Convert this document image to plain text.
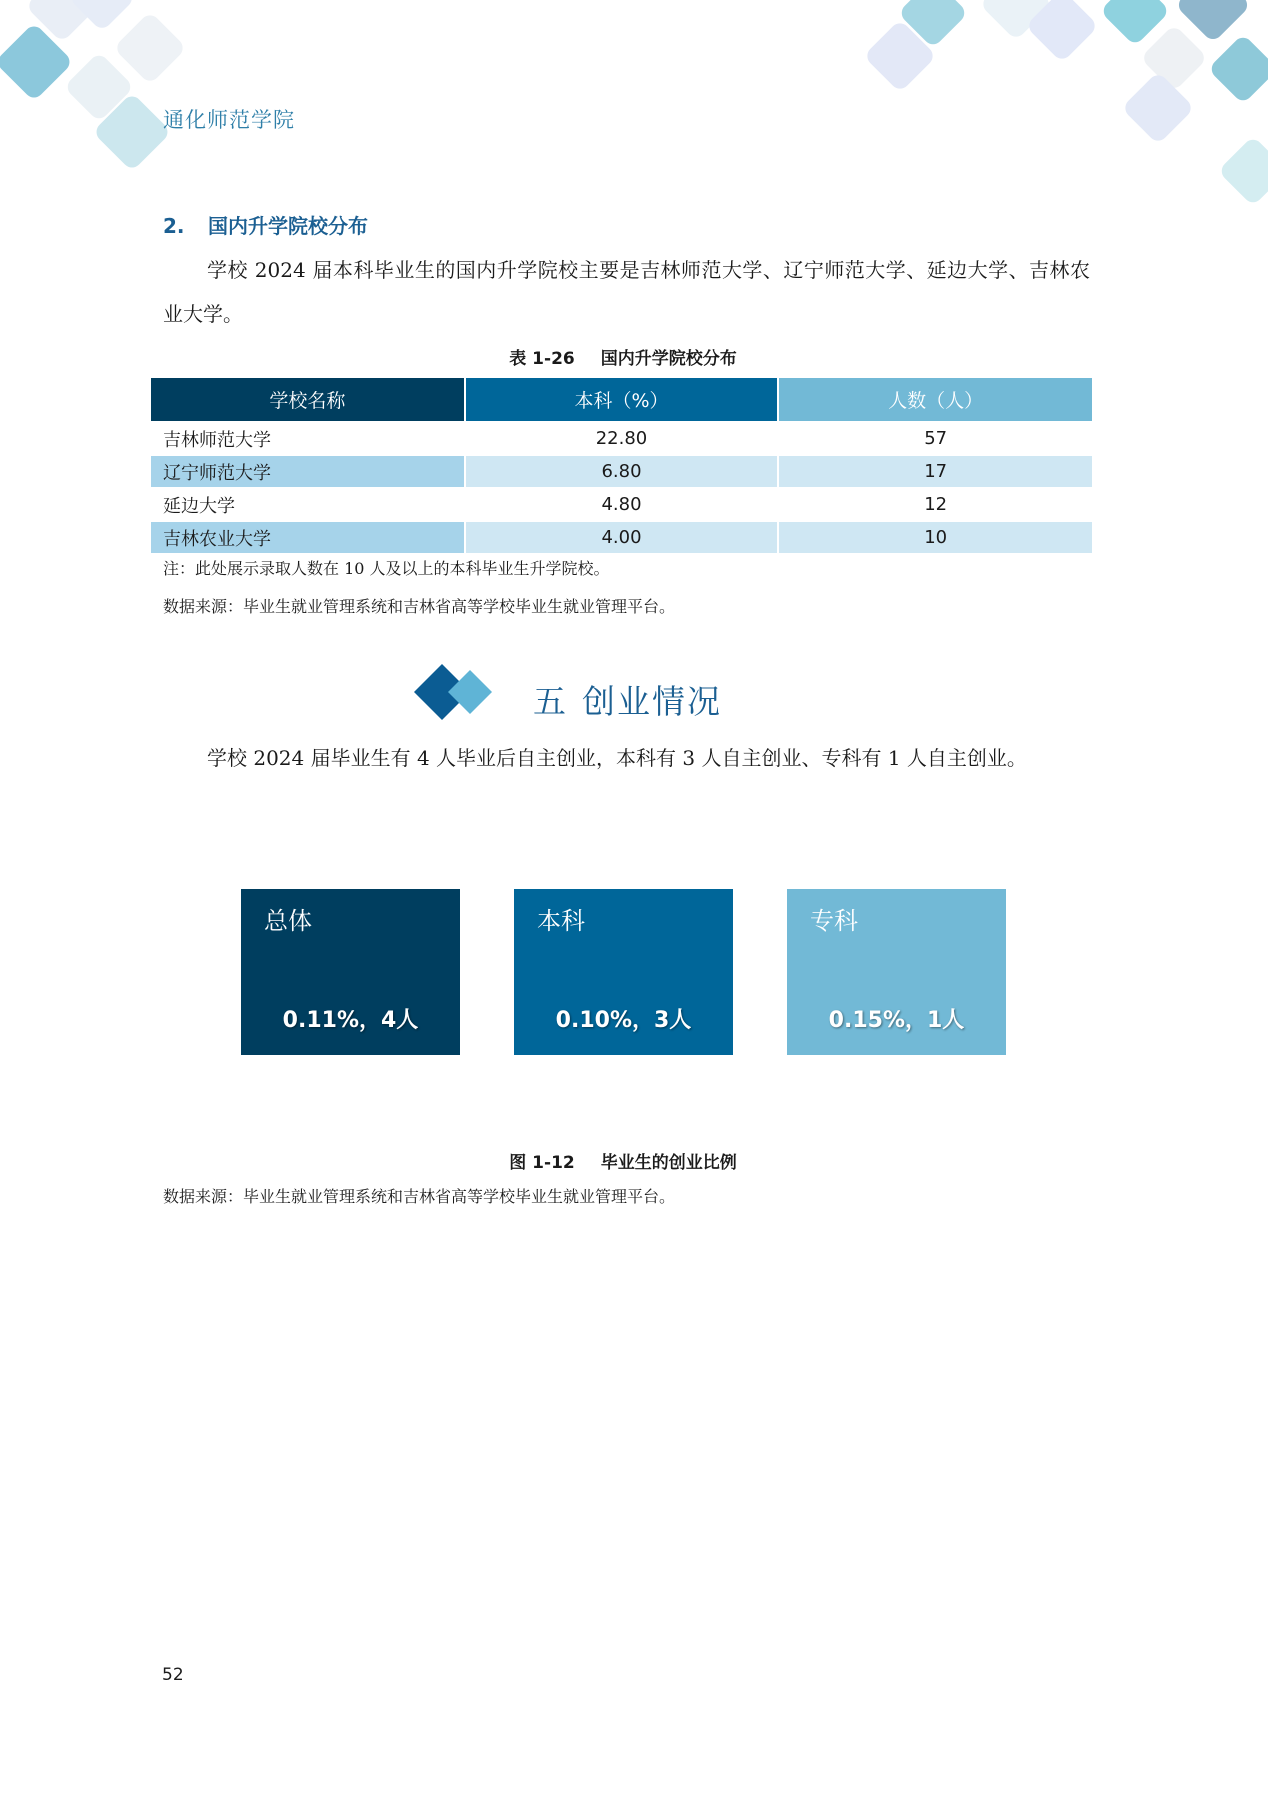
通化师范学院
2. 国内升学院校分布
学校 2024 届本科毕业生的国内升学院校主要是吉林师范大学、辽宁师范大学、延边大学、吉林农业大学。
表 1-26 国内升学院校分布
学校名称	本科（%）	人数（人）
吉林师范大学	22.80	57
辽宁师范大学	6.80	17
延边大学	4.80	12
吉林农业大学	4.00	10
注：此处展示录取人数在 10 人及以上的本科毕业生升学院校。
数据来源：毕业生就业管理系统和吉林省高等学校毕业生就业管理平台。
五 创业情况
学校 2024 届毕业生有 4 人毕业后自主创业，本科有 3 人自主创业、专科有 1 人自主创业。
总体
0.11%，4人
本科
0.10%，3人
专科
0.15%，1人
图 1-12 毕业生的创业比例
数据来源：毕业生就业管理系统和吉林省高等学校毕业生就业管理平台。
52
